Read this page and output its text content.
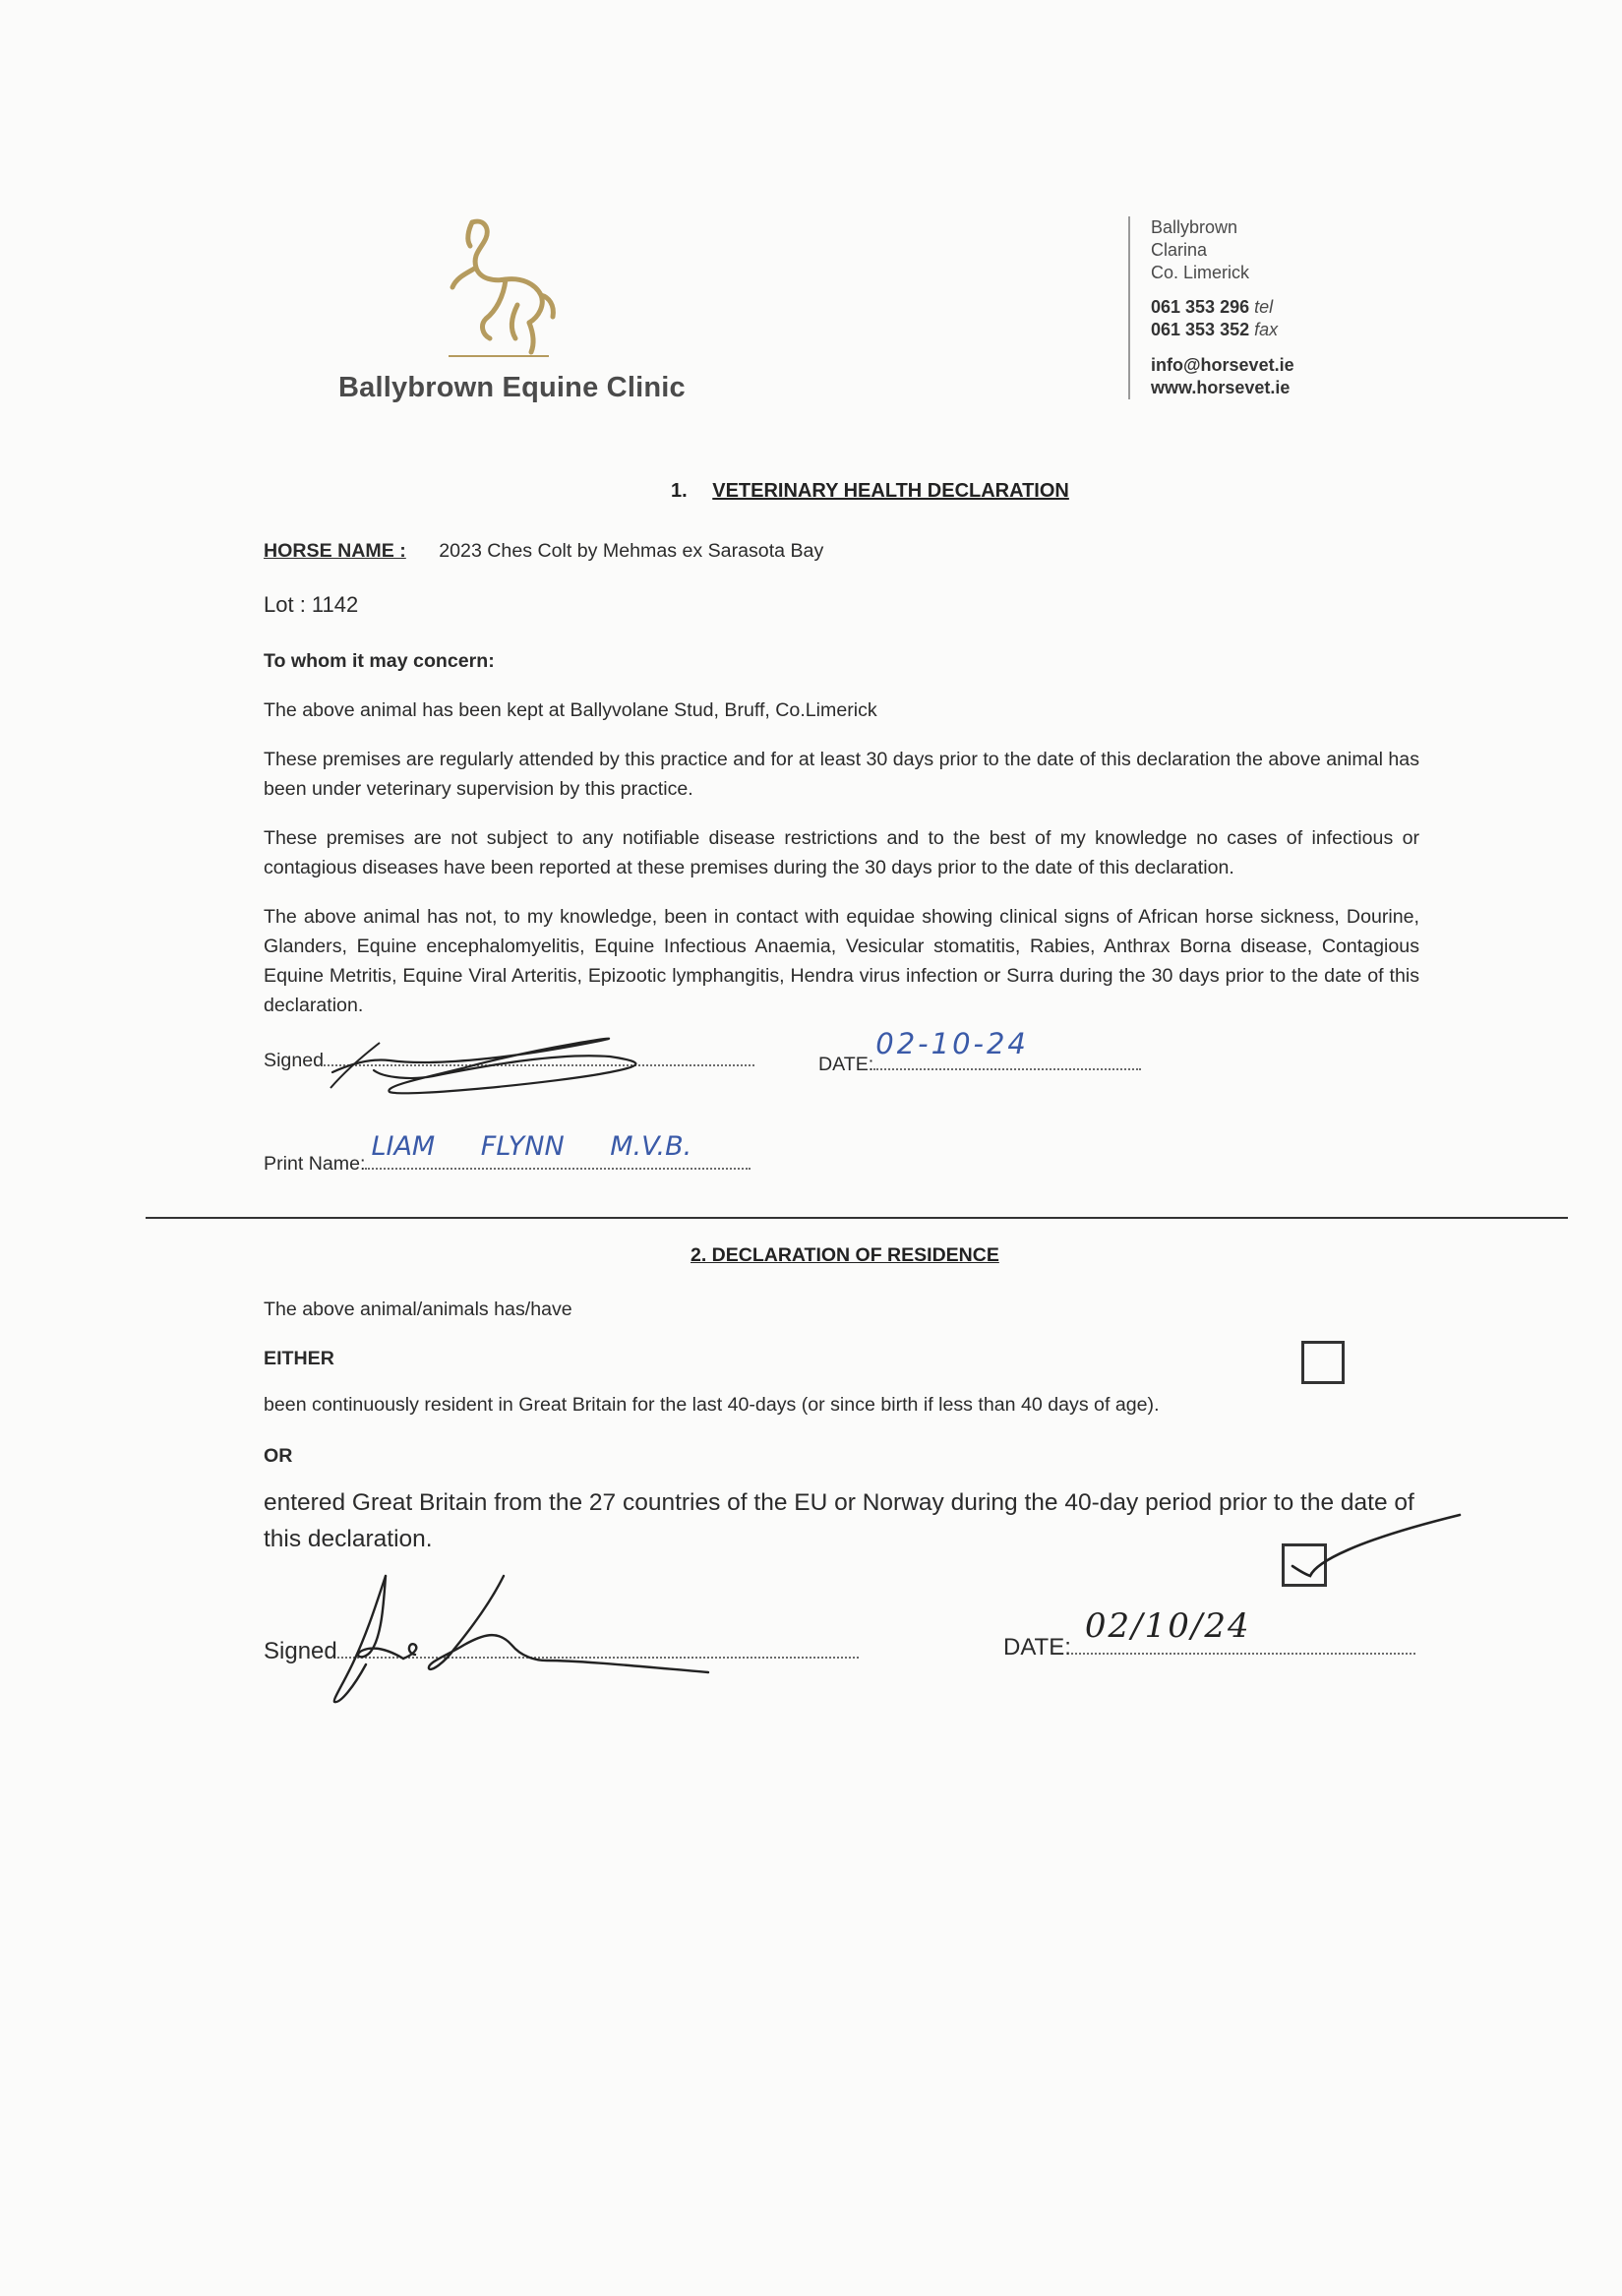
Ballybrown Equine Clinic
Ballybrown
Clarina
Co. Limerick
061 353 296 tel
061 353 352 fax
info@horsevet.ie
www.horsevet.ie
1. VETERINARY HEALTH DECLARATION
HORSE NAME : 2023 Ches Colt by Mehmas ex Sarasota Bay
Lot : 1142
To whom it may concern:
The above animal has been kept at Ballyvolane Stud, Bruff, Co.Limerick
These premises are regularly attended by this practice and for at least 30 days prior to the date of this declaration the above animal has been under veterinary supervision by this practice.
These premises are not subject to any notifiable disease restrictions and to the best of my knowledge no cases of infectious or contagious diseases have been reported at these premises during the 30 days prior to the date of this declaration.
The above animal has not, to my knowledge, been in contact with equidae showing clinical signs of African horse sickness, Dourine, Glanders, Equine encephalomyelitis, Equine Infectious Anaemia, Vesicular stomatitis, Rabies, Anthrax Borna disease, Contagious Equine Metritis, Equine Viral Arteritis, Epizootic lymphangitis, Hendra virus infection or Surra during the 30 days prior to the date of this declaration.
Signed	DATE:
02-10-24
Print Name:
LIAM FLYNN M.V.B.
2. DECLARATION OF RESIDENCE
The above animal/animals has/have
EITHER
been continuously resident in Great Britain for the last 40-days (or since birth if less than 40 days of age).
OR
entered Great Britain from the 27 countries of the EU or Norway during the 40-day period prior to the date of this declaration.
Signed	DATE:
02/10/24
